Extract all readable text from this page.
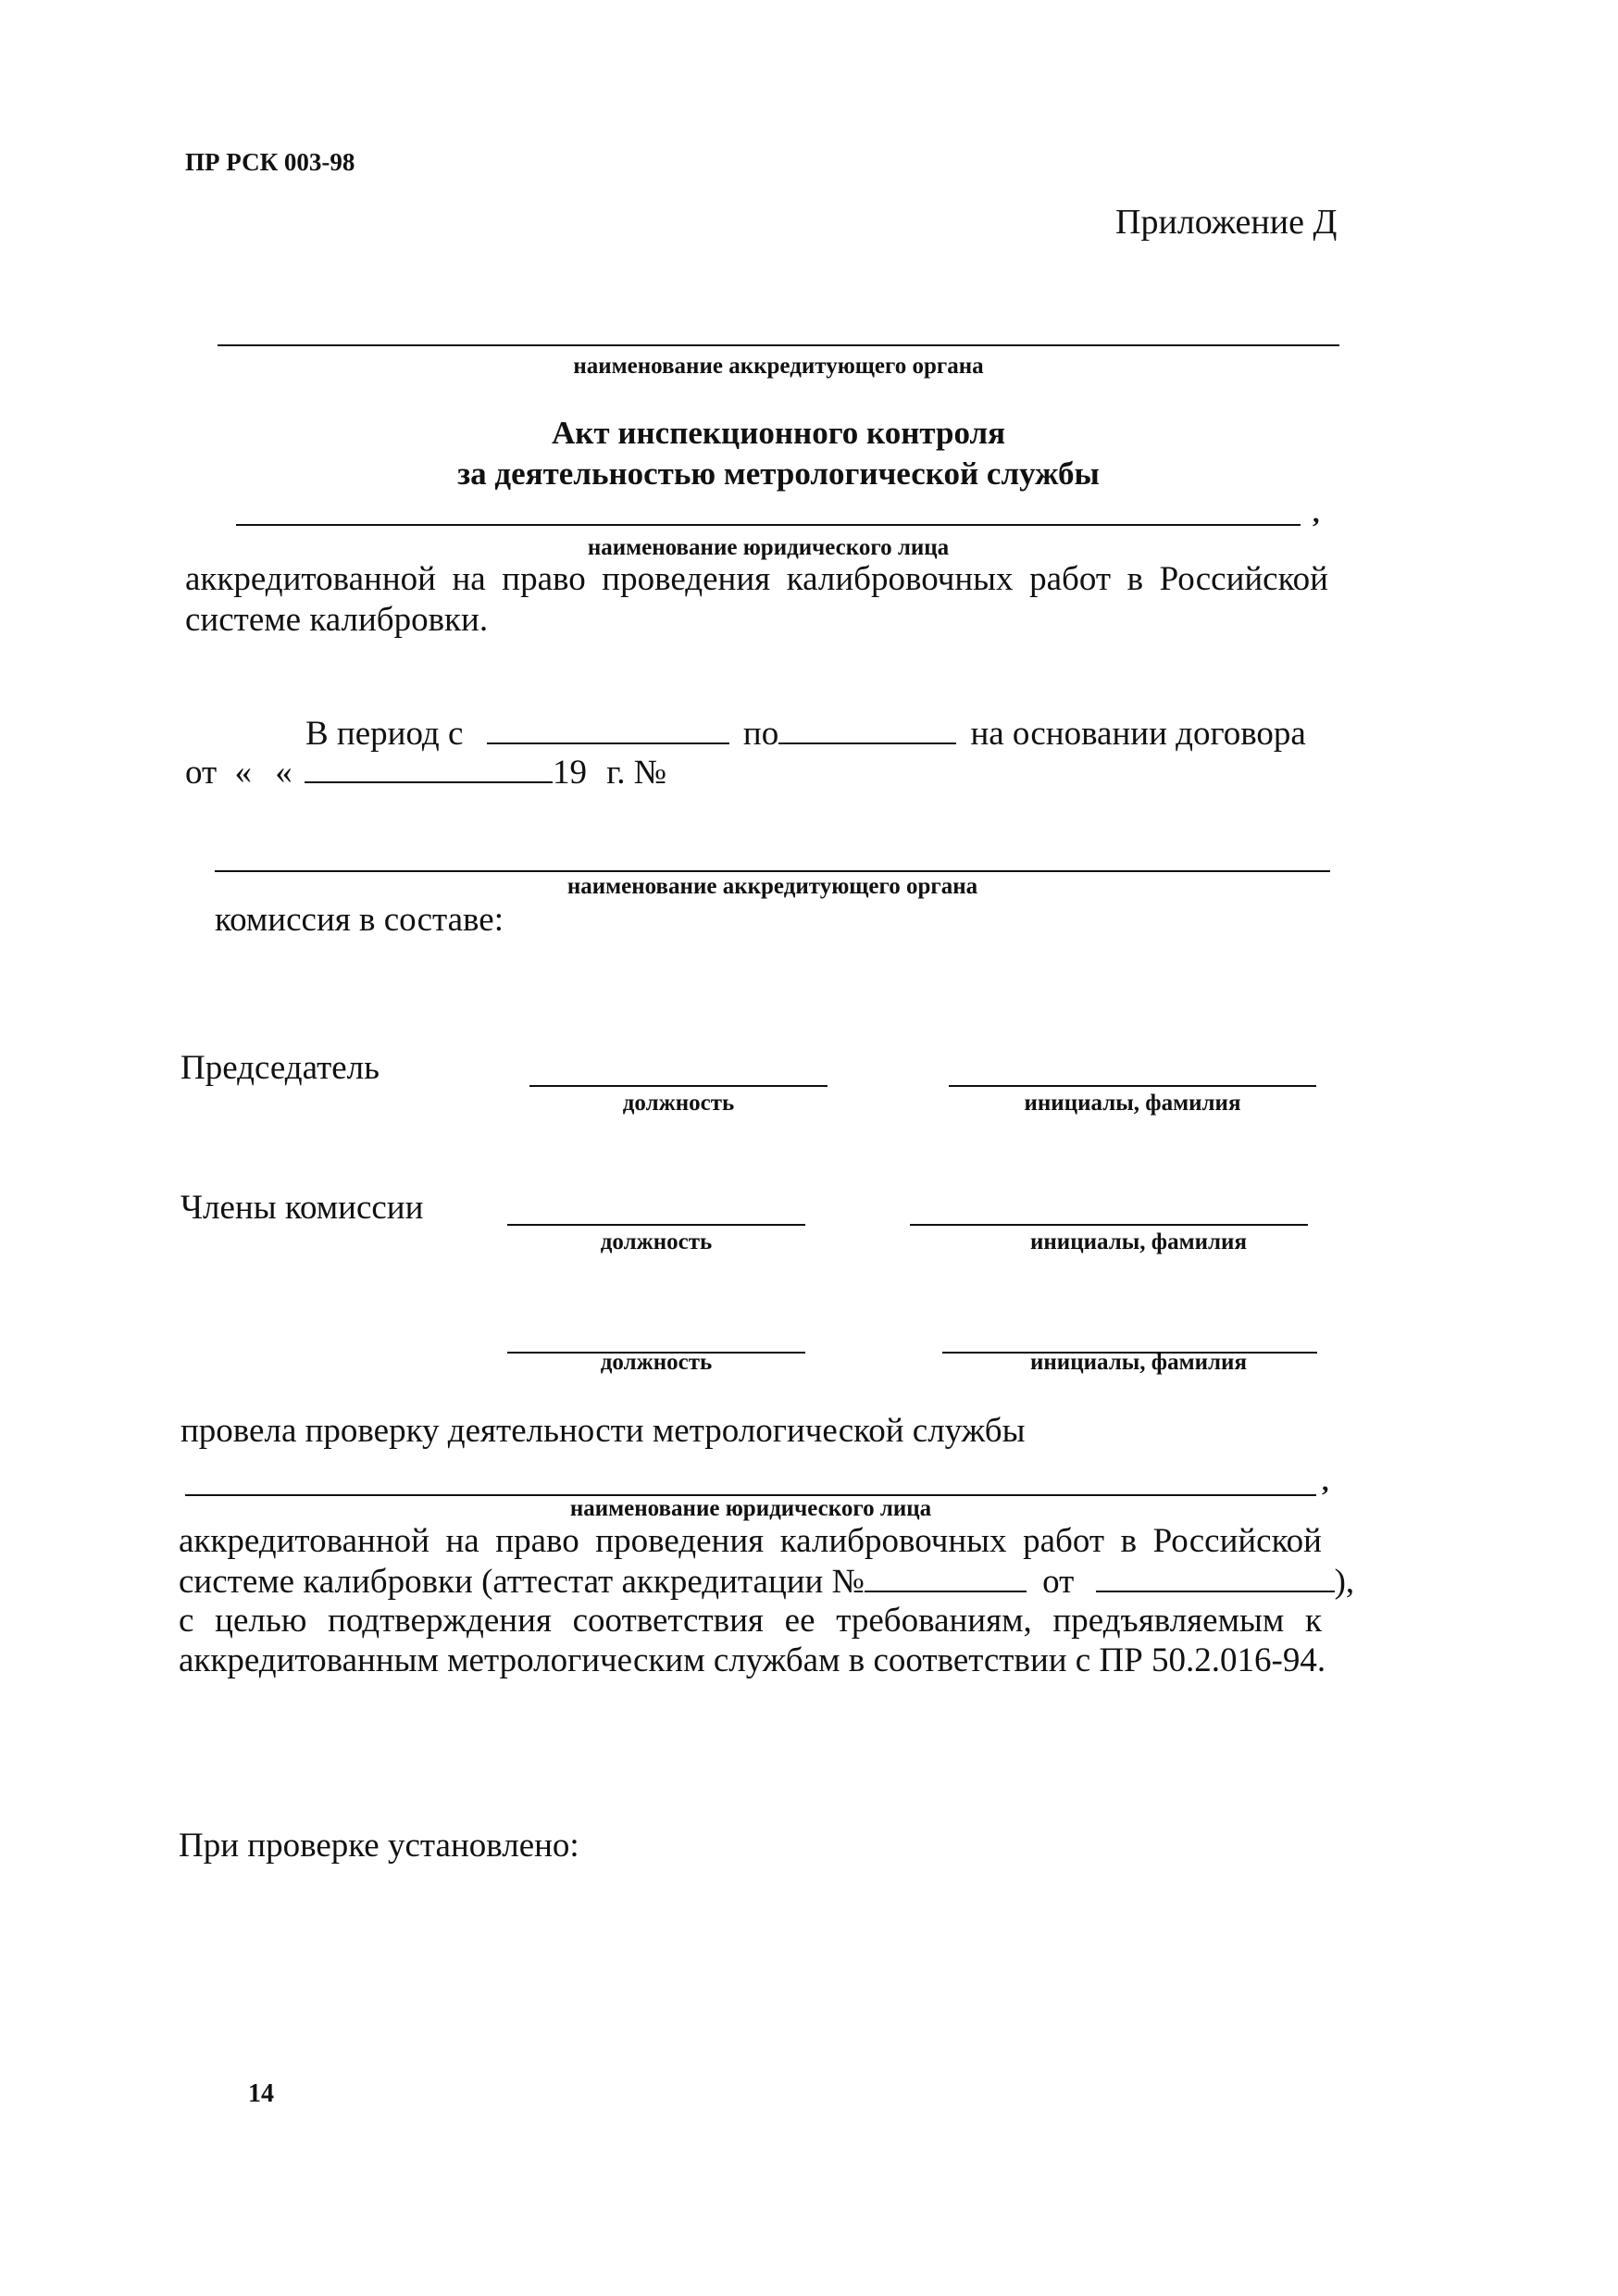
ПР РСК 003-98
Приложение Д
наименование аккредитующего органа
Акт инспекционного контроля
за деятельностью метрологической службы
,
наименование юридического лица
аккредитованной на право проведения калибровочных работ в Российской
системе калибровки.
В период с	по	на основании договора
от « «	19 г. №
наименование аккредитующего органа
комиссия в составе:
Председатель
должность	инициалы, фамилия
Члены комиссии
должность	инициалы, фамилия
должность	инициалы, фамилия
провела проверку деятельности метрологической службы
,
наименование юридического лица
аккредитованной на право проведения калибровочных работ в Российской
системе калибровки (аттестат аккредитации №	от	),
с целью подтверждения соответствия ее требованиям, предъявляемым к
аккредитованным метрологическим службам в соответствии с ПР 50.2.016-94.
При проверке установлено:
14
